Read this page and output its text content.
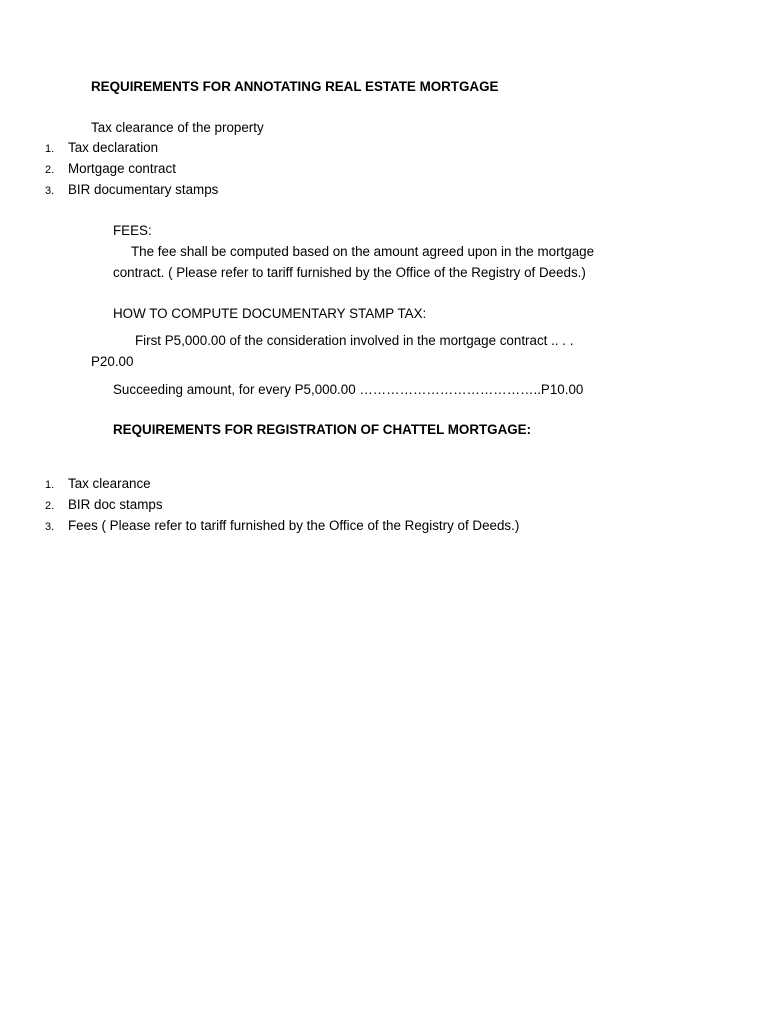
REQUIREMENTS FOR ANNOTATING REAL ESTATE MORTGAGE
Tax clearance of the property
1. Tax declaration
2. Mortgage contract
3. BIR documentary stamps
FEES:
The fee shall be computed based on the amount agreed upon in the mortgage
contract. ( Please refer to tariff furnished by the Office of the Registry of Deeds.)
HOW TO COMPUTE DOCUMENTARY STAMP TAX:
First P5,000.00 of the consideration involved in the mortgage contract .. . .
P20.00
Succeeding amount, for every P5,000.00 …………………………………..P10.00
REQUIREMENTS FOR REGISTRATION OF CHATTEL MORTGAGE:
1. Tax clearance
2. BIR doc stamps
3. Fees ( Please refer to tariff furnished by the Office of the Registry of Deeds.)
